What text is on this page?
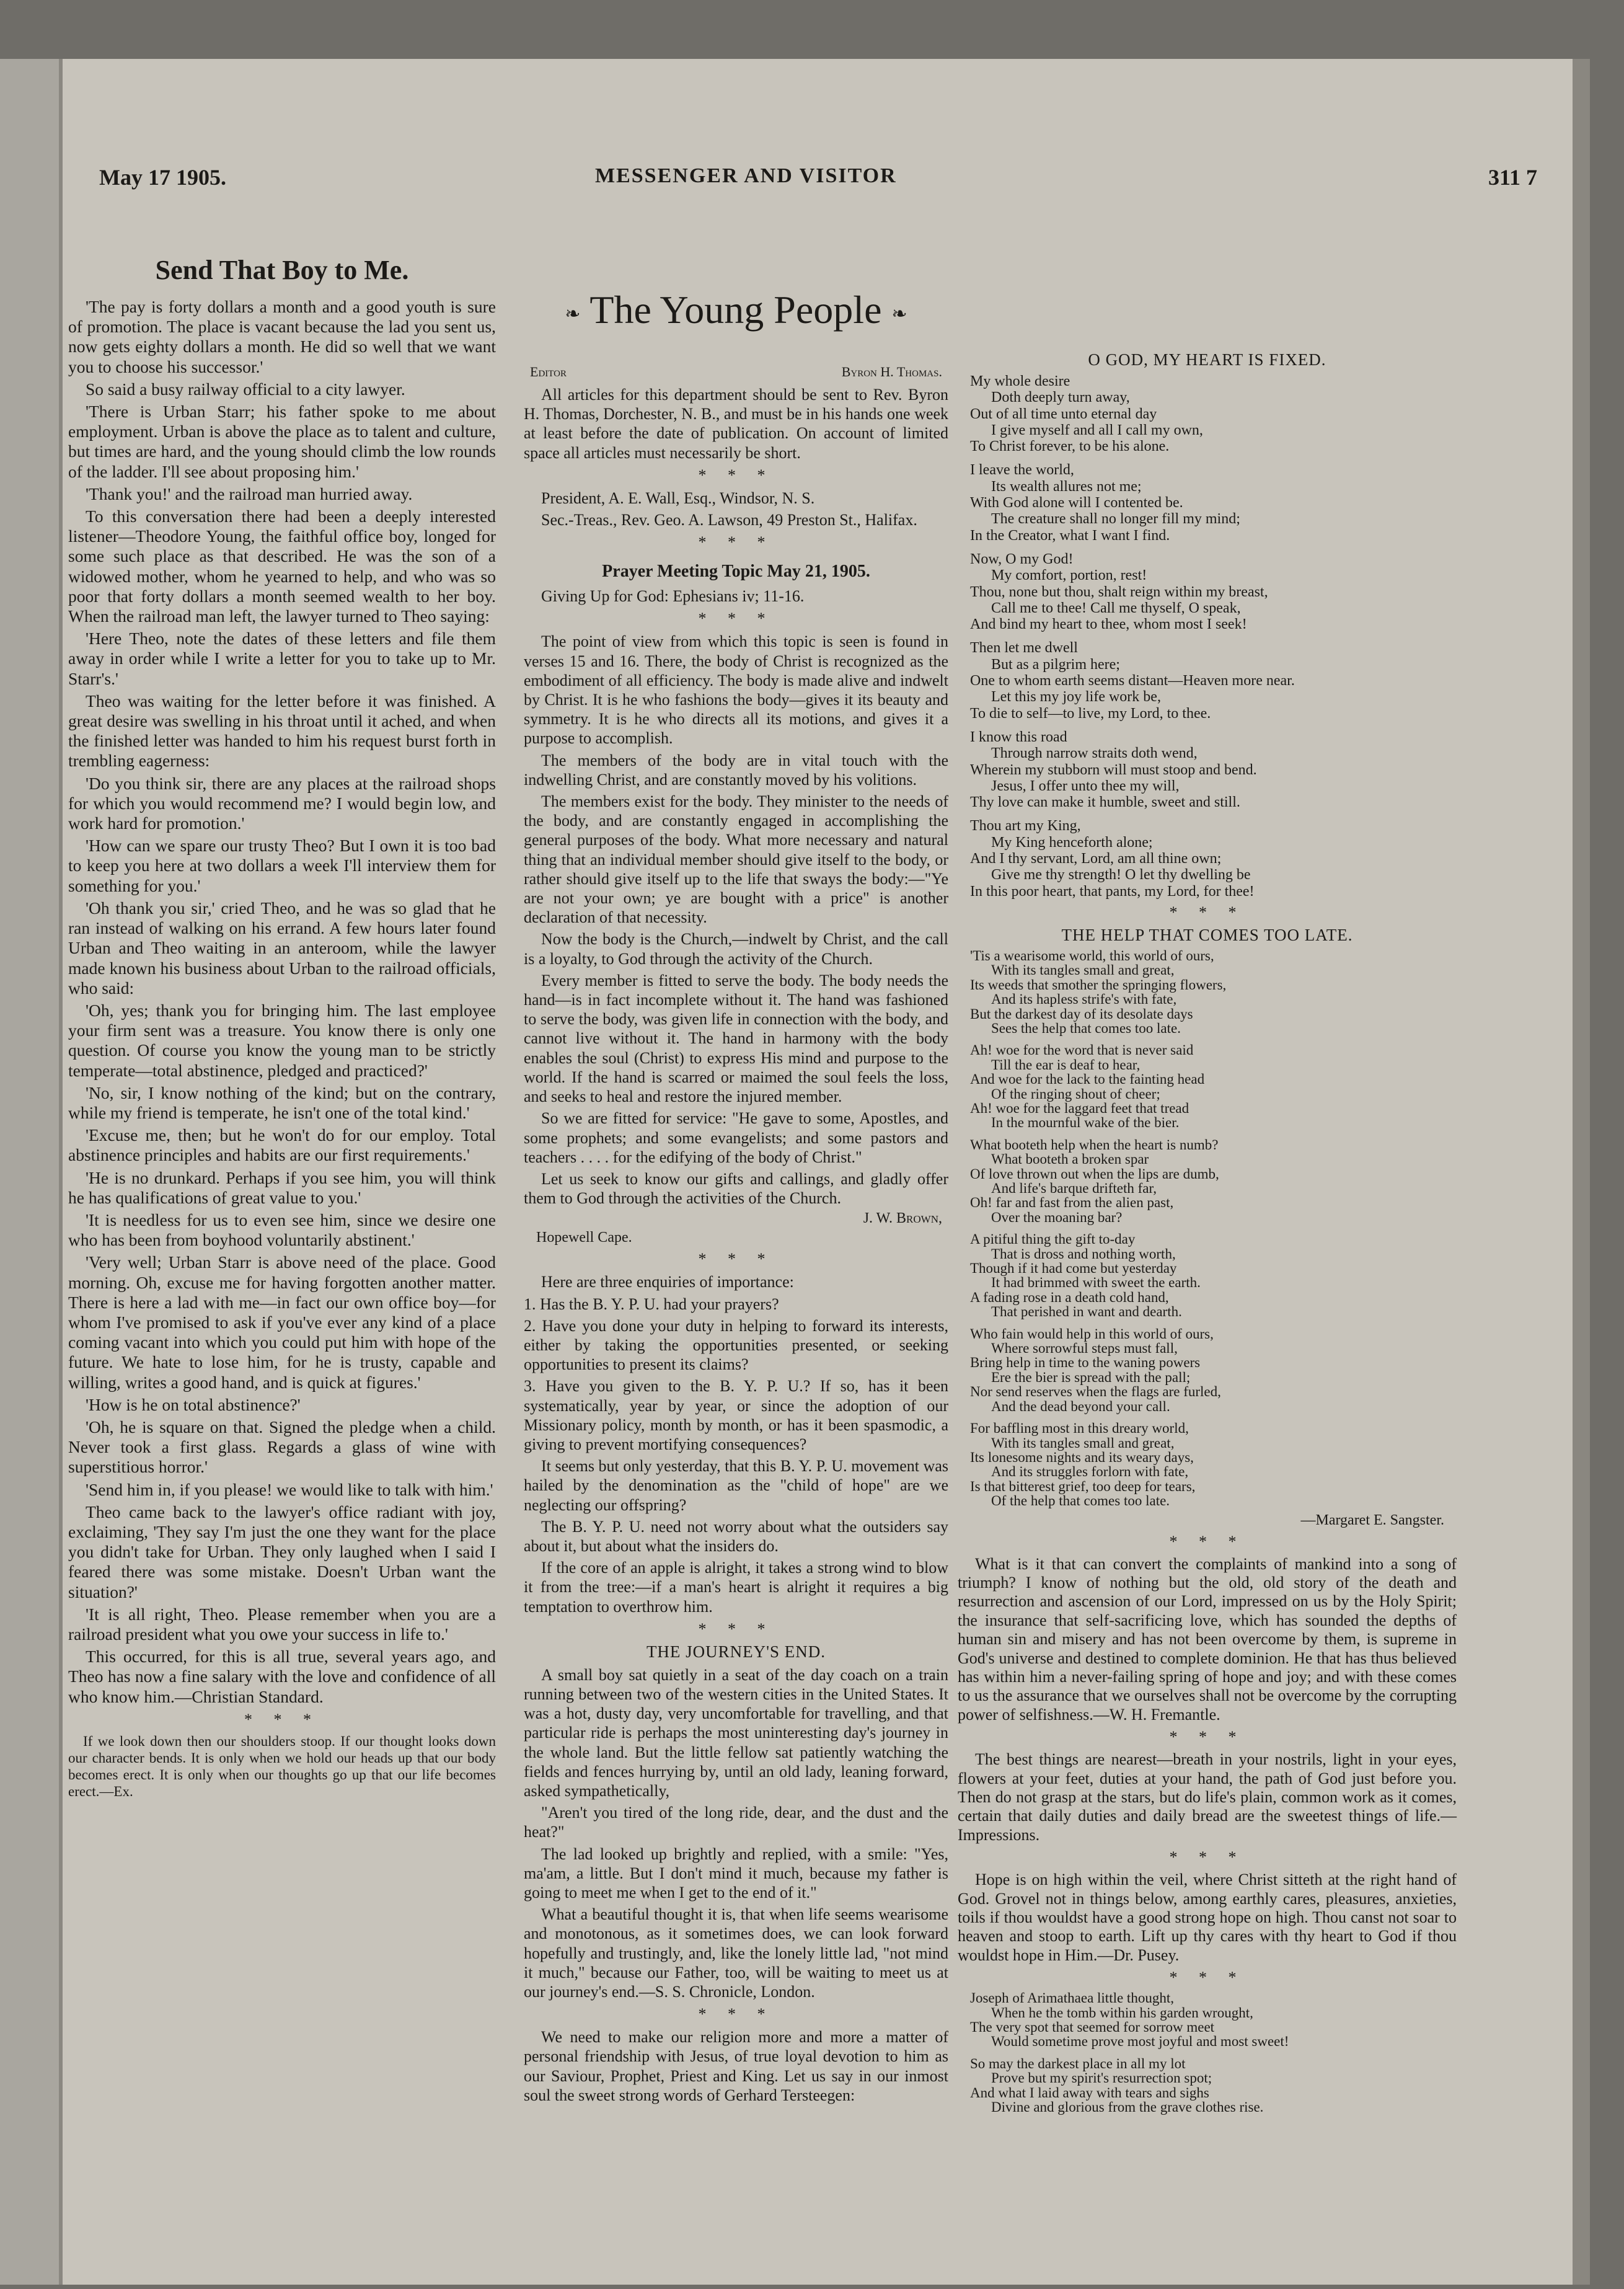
May 17 1905.	MESSENGER AND VISITOR	311 7
Send That Boy to Me.

'The pay is forty dollars a month and a good youth is sure of promotion. The place is vacant because the lad you sent us, now gets eighty dollars a month. He did so well that we want you to choose his successor.'

So said a busy railway official to a city lawyer.

'There is Urban Starr; his father spoke to me about employment. Urban is above the place as to talent and culture, but times are hard, and the young should climb the low rounds of the ladder. I'll see about proposing him.'

'Thank you!' and the railroad man hurried away.

To this conversation there had been a deeply interested listener—Theodore Young, the faithful office boy, longed for some such place as that described. He was the son of a widowed mother, whom he yearned to help, and who was so poor that forty dollars a month seemed wealth to her boy. When the railroad man left, the lawyer turned to Theo saying:

'Here Theo, note the dates of these letters and file them away in order while I write a letter for you to take up to Mr. Starr's.'

Theo was waiting for the letter before it was finished. A great desire was swelling in his throat until it ached, and when the finished letter was handed to him his request burst forth in trembling eagerness:

'Do you think sir, there are any places at the railroad shops for which you would recommend me? I would begin low, and work hard for promotion.'

'How can we spare our trusty Theo? But I own it is too bad to keep you here at two dollars a week I'll interview them for something for you.'

'Oh thank you sir,' cried Theo, and he was so glad that he ran instead of walking on his errand. A few hours later found Urban and Theo waiting in an anteroom, while the lawyer made known his business about Urban to the railroad officials, who said:

'Oh, yes; thank you for bringing him. The last employee your firm sent was a treasure. You know there is only one question. Of course you know the young man to be strictly temperate—total abstinence, pledged and practiced?'

'No, sir, I know nothing of the kind; but on the contrary, while my friend is temperate, he isn't one of the total kind.'

'Excuse me, then; but he won't do for our employ. Total abstinence principles and habits are our first requirements.'

'He is no drunkard. Perhaps if you see him, you will think he has qualifications of great value to you.'

'It is needless for us to even see him, since we desire one who has been from boyhood voluntarily abstinent.'

'Very well; Urban Starr is above need of the place. Good morning. Oh, excuse me for having forgotten another matter. There is here a lad with me—in fact our own office boy—for whom I've promised to ask if you've ever any kind of a place coming vacant into which you could put him with hope of the future. We hate to lose him, for he is trusty, capable and willing, writes a good hand, and is quick at figures.'

'How is he on total abstinence?'

'Oh, he is square on that. Signed the pledge when a child. Never took a first glass. Regards a glass of wine with superstitious horror.'

'Send him in, if you please! we would like to talk with him.'

Theo came back to the lawyer's office radiant with joy, exclaiming, 'They say I'm just the one they want for the place you didn't take for Urban. They only laughed when I said I feared there was some mistake. Doesn't Urban want the situation?'

'It is all right, Theo. Please remember when you are a railroad president what you owe your success in life to.'

This occurred, for this is all true, several years ago, and Theo has now a fine salary with the love and confidence of all who know him.—Christian Standard.

* * *
If we look down then our shoulders stoop. If our thought looks down our character bends. It is only when we hold our heads up that our body becomes erect. It is only when our thoughts go up that our life becomes erect.—Ex.
❧ The Young People ❧
Editor	Byron H. Thomas.

All articles for this department should be sent to Rev. Byron H. Thomas, Dorchester, N. B., and must be in his hands one week at least before the date of publication. On account of limited space all articles must necessarily be short.

* * *

President, A. E. Wall, Esq., Windsor, N. S.

Sec.-Treas., Rev. Geo. A. Lawson, 49 Preston St., Halifax.

* * *
Prayer Meeting Topic May 21, 1905.

Giving Up for God: Ephesians iv; 11-16.

* * *

The point of view from which this topic is seen is found in verses 15 and 16. There, the body of Christ is recognized as the embodiment of all efficiency. The body is made alive and indwelt by Christ. It is he who fashions the body—gives it its beauty and symmetry. It is he who directs all its motions, and gives it a purpose to accomplish.

The members of the body are in vital touch with the indwelling Christ, and are constantly moved by his volitions.

The members exist for the body. They minister to the needs of the body, and are constantly engaged in accomplishing the general purposes of the body. What more necessary and natural thing that an individual member should give itself to the body, or rather should give itself up to the life that sways the body:—"Ye are not your own; ye are bought with a price" is another declaration of that necessity.

Now the body is the Church,—indwelt by Christ, and the call is a loyalty, to God through the activity of the Church.

Every member is fitted to serve the body. The body needs the hand—is in fact incomplete without it. The hand was fashioned to serve the body, was given life in connection with the body, and cannot live without it. The hand in harmony with the body enables the soul (Christ) to express His mind and purpose to the world. If the hand is scarred or maimed the soul feels the loss, and seeks to heal and restore the injured member.

So we are fitted for service: "He gave to some, Apostles, and some prophets; and some evangelists; and some pastors and teachers . . . . for the edifying of the body of Christ."

Let us seek to know our gifts and callings, and gladly offer them to God through the activities of the Church.

J. W. Brown,
Hopewell Cape.
* * *

Here are three enquiries of importance:

1. Has the B. Y. P. U. had your prayers?

2. Have you done your duty in helping to forward its interests, either by taking the opportunities presented, or seeking opportunities to present its claims?

3. Have you given to the B. Y. P. U.? If so, has it been systematically, year by year, or since the adoption of our Missionary policy, month by month, or has it been spasmodic, a giving to prevent mortifying consequences?

It seems but only yesterday, that this B. Y. P. U. movement was hailed by the denomination as the "child of hope" are we neglecting our offspring?

The B. Y. P. U. need not worry about what the outsiders say about it, but about what the insiders do.

If the core of an apple is alright, it takes a strong wind to blow it from the tree:—if a man's heart is alright it requires a big temptation to overthrow him.

* * *
THE JOURNEY'S END.

A small boy sat quietly in a seat of the day coach on a train running between two of the western cities in the United States. It was a hot, dusty day, very uncomfortable for travelling, and that particular ride is perhaps the most uninteresting day's journey in the whole land. But the little fellow sat patiently watching the fields and fences hurrying by, until an old lady, leaning forward, asked sympathetically,

"Aren't you tired of the long ride, dear, and the dust and the heat?"

The lad looked up brightly and replied, with a smile: "Yes, ma'am, a little. But I don't mind it much, because my father is going to meet me when I get to the end of it."

What a beautiful thought it is, that when life seems wearisome and monotonous, as it sometimes does, we can look forward hopefully and trustingly, and, like the lonely little lad, "not mind it much," because our Father, too, will be waiting to meet us at our journey's end.—S. S. Chronicle, London.

* * *

We need to make our religion more and more a matter of personal friendship with Jesus, of true loyal devotion to him as our Saviour, Prophet, Priest and King. Let us say in our inmost soul the sweet strong words of Gerhard Tersteegen:

O GOD, MY HEART IS FIXED.
My whole desire
Doth deeply turn away,
Out of all time unto eternal day
I give myself and all I call my own,
To Christ forever, to be his alone.
I leave the world,
Its wealth allures not me;
With God alone will I contented be.
The creature shall no longer fill my mind;
In the Creator, what I want I find.
Now, O my God!
My comfort, portion, rest!
Thou, none but thou, shalt reign within my breast,
Call me to thee! Call me thyself, O speak,
And bind my heart to thee, whom most I seek!
Then let me dwell
But as a pilgrim here;
One to whom earth seems distant—Heaven more near.
Let this my joy life work be,
To die to self—to live, my Lord, to thee.
I know this road
Through narrow straits doth wend,
Wherein my stubborn will must stoop and bend.
Jesus, I offer unto thee my will,
Thy love can make it humble, sweet and still.
Thou art my King,
My King henceforth alone;
And I thy servant, Lord, am all thine own;
Give me thy strength! O let thy dwelling be
In this poor heart, that pants, my Lord, for thee!
* * *
THE HELP THAT COMES TOO LATE.
'Tis a wearisome world, this world of ours,
With its tangles small and great,
Its weeds that smother the springing flowers,
And its hapless strife's with fate,
But the darkest day of its desolate days
Sees the help that comes too late.
Ah! woe for the word that is never said
Till the ear is deaf to hear,
And woe for the lack to the fainting head
Of the ringing shout of cheer;
Ah! woe for the laggard feet that tread
In the mournful wake of the bier.
What booteth help when the heart is numb?
What booteth a broken spar
Of love thrown out when the lips are dumb,
And life's barque drifteth far,
Oh! far and fast from the alien past,
Over the moaning bar?
A pitiful thing the gift to-day
That is dross and nothing worth,
Though if it had come but yesterday
It had brimmed with sweet the earth.
A fading rose in a death cold hand,
That perished in want and dearth.
Who fain would help in this world of ours,
Where sorrowful steps must fall,
Bring help in time to the waning powers
Ere the bier is spread with the pall;
Nor send reserves when the flags are furled,
And the dead beyond your call.
For baffling most in this dreary world,
With its tangles small and great,
Its lonesome nights and its weary days,
And its struggles forlorn with fate,
Is that bitterest grief, too deep for tears,
Of the help that comes too late.
—Margaret E. Sangster.
* * *

What is it that can convert the complaints of mankind into a song of triumph? I know of nothing but the old, old story of the death and resurrection and ascension of our Lord, impressed on us by the Holy Spirit; the insurance that self-sacrificing love, which has sounded the depths of human sin and misery and has not been overcome by them, is supreme in God's universe and destined to complete dominion. He that has thus believed has within him a never-failing spring of hope and joy; and with these comes to us the assurance that we ourselves shall not be overcome by the corrupting power of selfishness.—W. H. Fremantle.

* * *

The best things are nearest—breath in your nostrils, light in your eyes, flowers at your feet, duties at your hand, the path of God just before you. Then do not grasp at the stars, but do life's plain, common work as it comes, certain that daily duties and daily bread are the sweetest things of life.—Impressions.

* * *

Hope is on high within the veil, where Christ sitteth at the right hand of God. Grovel not in things below, among earthly cares, pleasures, anxieties, toils if thou wouldst have a good strong hope on high. Thou canst not soar to heaven and stoop to earth. Lift up thy cares with thy heart to God if thou wouldst hope in Him.—Dr. Pusey.

* * *
Joseph of Arimathaea little thought,
When he the tomb within his garden wrought,
The very spot that seemed for sorrow meet
Would sometime prove most joyful and most sweet!
So may the darkest place in all my lot
Prove but my spirit's resurrection spot;
And what I laid away with tears and sighs
Divine and glorious from the grave clothes rise.
